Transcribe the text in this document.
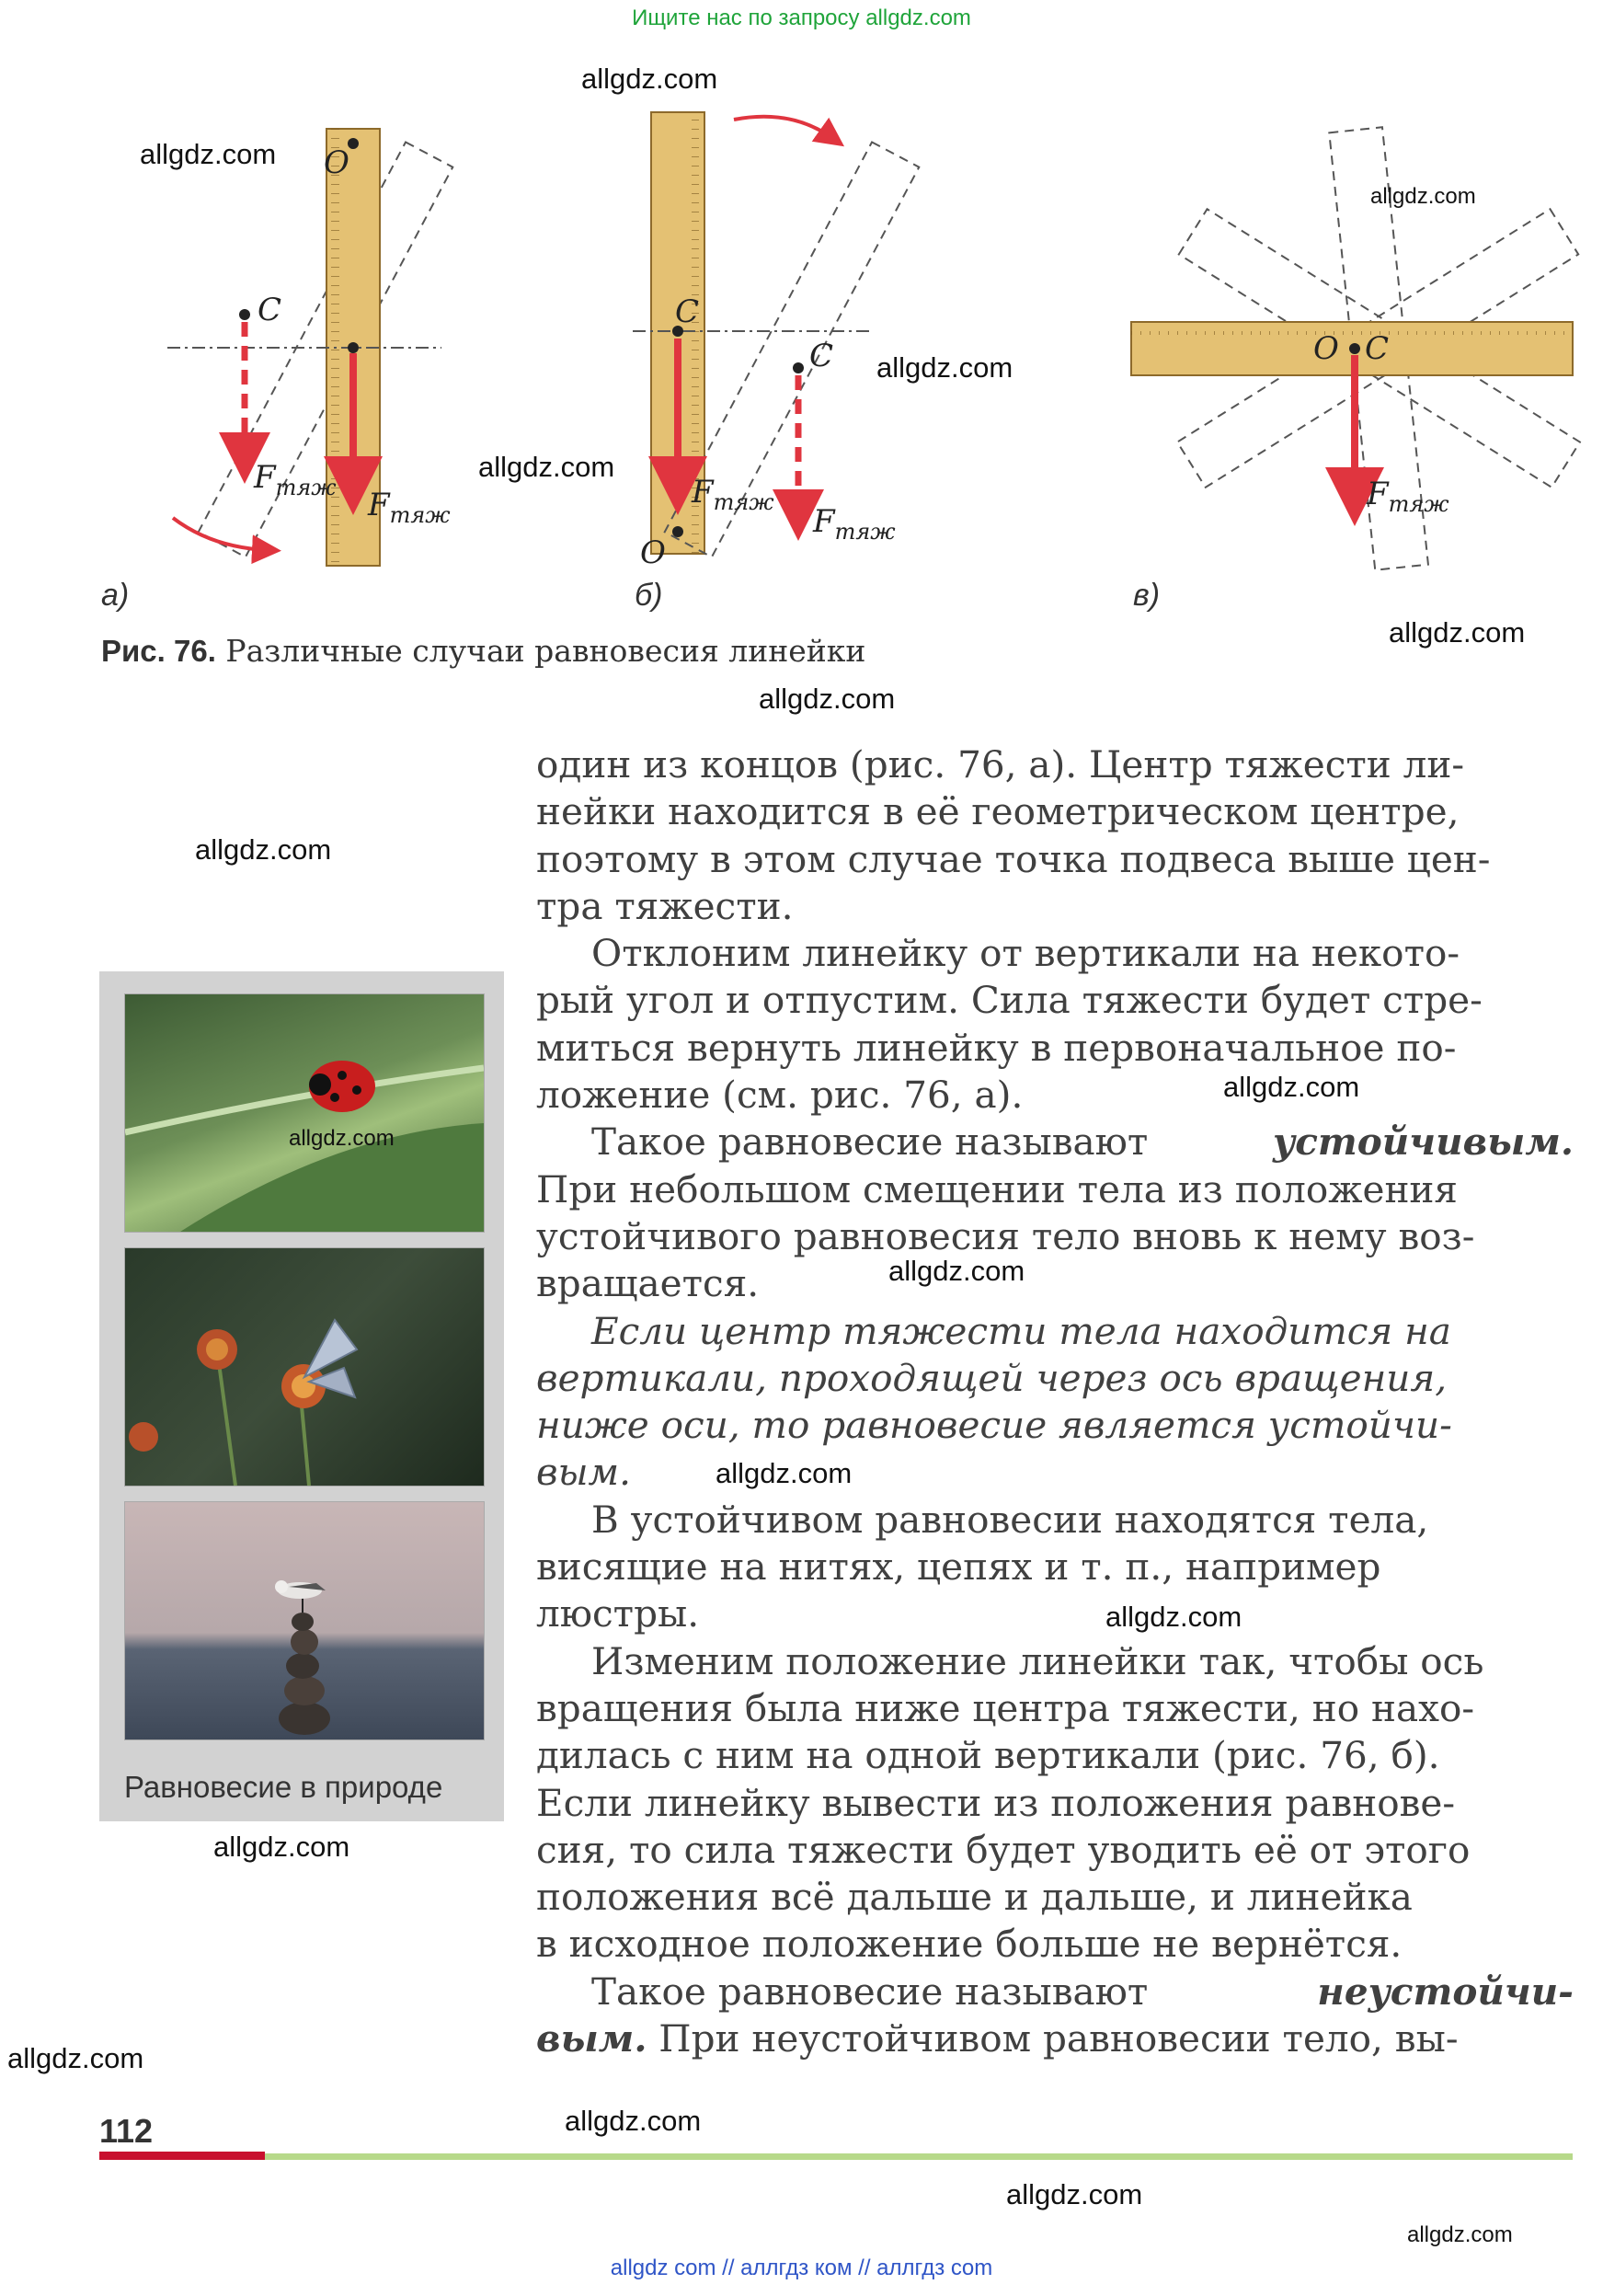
Ищите нас по запросу allgdz.com
O
C
$F_{тяж}$ $F_{тяж}$
C
C
O
$F_{тяж}$
$F_{тяж}$
O C
$F_{тяж}$
а)	б)	в)
Рис. 76. Различные случаи равновесия линейки
Равновесие в природе
один из концов (рис. 76, а). Центр тяжести ли-
нейки находится в её геометрическом центре,
поэтому в этом случае точка подвеса выше цен-
тра тяжести.
Отклоним линейку от вертикали на некото-
рый угол и отпустим. Сила тяжести будет стре-
миться вернуть линейку в первоначальное по-
ложение (см. рис. 76, а).
Такое равновесие называют	устойчивым.
При небольшом смещении тела из положения
устойчивого равновесия тело вновь к нему воз-
вращается.
Если центр тяжести тела находится на
вертикали, проходящей через ось вращения,
ниже оси, то равновесие является устойчи-
вым.
В устойчивом равновесии находятся тела,
висящие на нитях, цепях и т. п., например
люстры.
Изменим положение линейки так, чтобы ось
вращения была ниже центра тяжести, но нахо-
дилась с ним на одной вертикали (рис. 76, б).
Если линейку вывести из положения равнове-
сия, то сила тяжести будет уводить её от этого
положения всё дальше и дальше, и линейка
в исходное положение больше не вернётся.
Такое равновесие называют	неустойчи-
вым. При неустойчивом равновесии тело, вы-
112
allgdz.com
allgdz.com
allgdz.com
allgdz.com
allgdz.com
allgdz.com
allgdz.com
allgdz.com
allgdz.com
allgdz.com
allgdz.com
allgdz.com
allgdz.com
allgdz.com
allgdz.com
allgdz.com
allgdz.com
allgdz.com
allgdz com // аллгдз ком // аллгдз com
